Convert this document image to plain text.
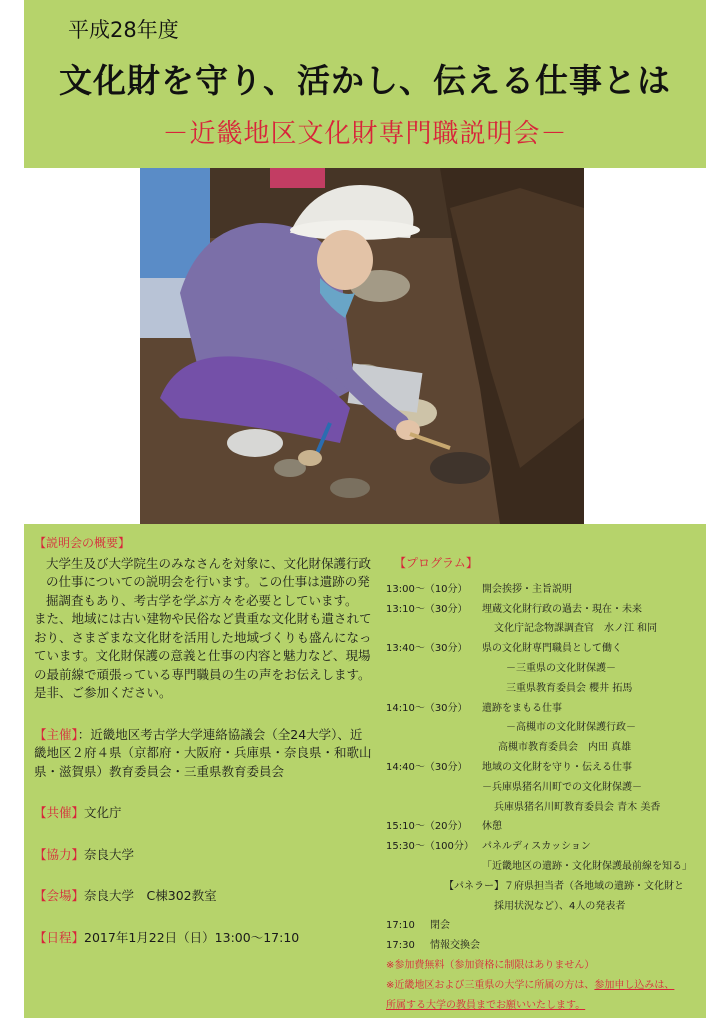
平成28年度
文化財を守り、活かし、伝える仕事とは
－近畿地区文化財専門職説明会－
【説明会の概要】

大学生及び大学院生のみなさんを対象に、文化財保護行政の仕事についての説明会を行います。この仕事は遺跡の発掘調査もあり、考古学を学ぶ方々を必要としています。

また、地域には古い建物や民俗など貴重な文化財も遺されており、さまざまな文化財を活用した地域づくりも盛んになっています。文化財保護の意義と仕事の内容と魅力など、現場の最前線で頑張っている専門職員の生の声をお伝えします。是非、ご参加ください。

【主催】：近畿地区考古学大学連絡協議会（全24大学）、近畿地区２府４県（京都府・大阪府・兵庫県・奈良県・和歌山県・滋賀県）教育委員会・三重県教育委員会
【共催】文化庁
【協力】奈良大学
【会場】奈良大学　C棟302教室
【日程】2017年1月22日（日）13:00～17:10
【プログラム】
13:00～（10分）	開会挨拶・主旨説明
13:10～（30分）	埋蔵文化財行政の過去・現在・未来
文化庁記念物課調査官　水ノ江 和同
13:40～（30分）	県の文化財専門職員として働く
－三重県の文化財保護－
三重県教育委員会 櫻井 拓馬
14:10～（30分）	遺跡をまもる仕事
－高槻市の文化財保護行政－
高槻市教育委員会　内田 真雄
14:40～（30分）	地域の文化財を守り・伝える仕事
－兵庫県猪名川町での文化財保護－
兵庫県猪名川町教育委員会 青木 美香
15:10～（20分）	休憩
15:30～（100分） パネルディスカッション
「近畿地区の遺跡・文化財保護最前線を知る」
【パネラー】７府県担当者（各地域の遺跡・文化財と
採用状況など）、4人の発表者
17:10	閉会
17:30	情報交換会
※参加費無料（参加資格に制限はありません）
※近畿地区および三重県の大学に所属の方は、参加申し込みは、
所属する大学の教員までお願いいたします。
